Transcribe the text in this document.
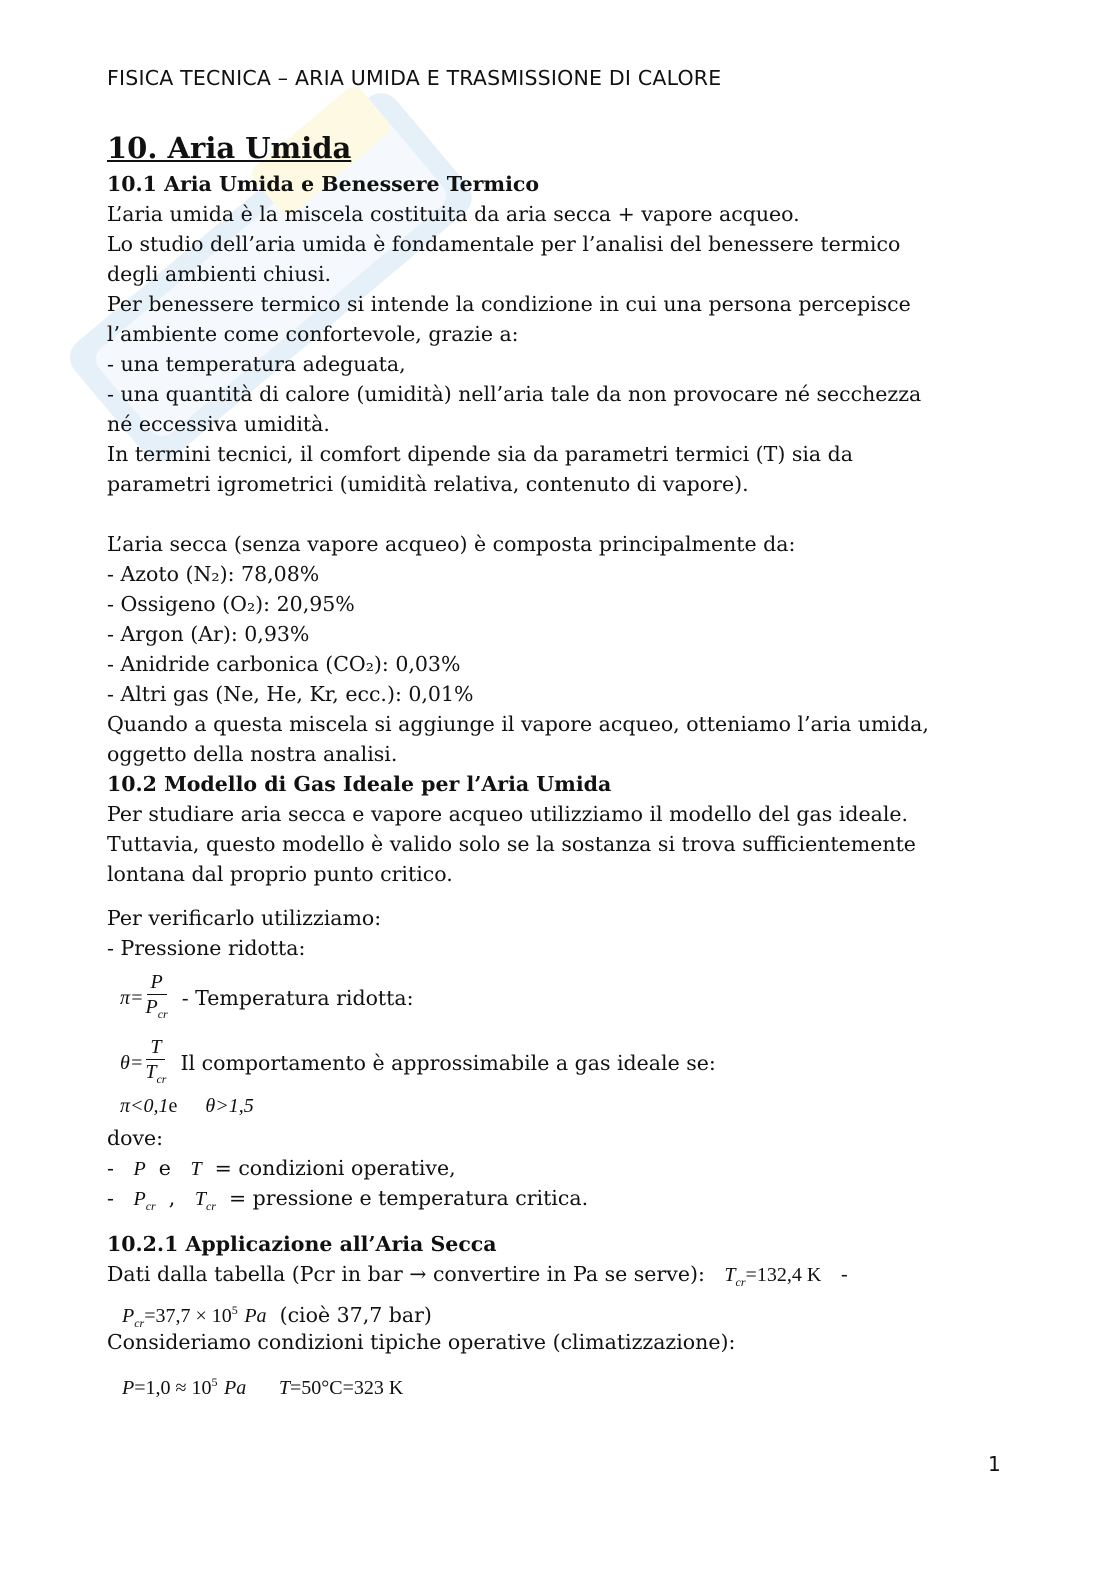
FISICA TECNICA – ARIA UMIDA E TRASMISSIONE DI CALORE
10. Aria Umida
10.1 Aria Umida e Benessere Termico
L’aria umida è la miscela costituita da aria secca + vapore acqueo.
Lo studio dell’aria umida è fondamentale per l’analisi del benessere termico
degli ambienti chiusi.
Per benessere termico si intende la condizione in cui una persona percepisce
l’ambiente come confortevole, grazie a:
- una temperatura adeguata,
- una quantità di calore (umidità) nell’aria tale da non provocare né secchezza
né eccessiva umidità.
In termini tecnici, il comfort dipende sia da parametri termici (T) sia da
parametri igrometrici (umidità relativa, contenuto di vapore).
L’aria secca (senza vapore acqueo) è composta principalmente da:
- Azoto (N₂): 78,08%
- Ossigeno (O₂): 20,95%
- Argon (Ar): 0,93%
- Anidride carbonica (CO₂): 0,03%
- Altri gas (Ne, He, Kr, ecc.): 0,01%
Quando a questa miscela si aggiunge il vapore acqueo, otteniamo l’aria umida,
oggetto della nostra analisi.
10.2 Modello di Gas Ideale per l’Aria Umida
Per studiare aria secca e vapore acqueo utilizziamo il modello del gas ideale.
Tuttavia, questo modello è valido solo se la sostanza si trova sufficientemente
lontana dal proprio punto critico.
Per verificarlo utilizziamo:
- Pressione ridotta:
$\pi= \frac{P}{P_{cr}}$ - Temperatura ridotta:
$\theta= \frac{T}{T_{cr}}$ Il comportamento è approssimabile a gas ideale se:
π<0,1 e θ>1,5
dove:
-   P e T = condizioni operative,
-   $P_{cr}$  ,   $T_{cr}$ = pressione e temperatura critica.
10.2.1 Applicazione all’Aria Secca
Dati dalla tabella (Pcr in bar → convertire in Pa se serve): $T_{cr}=132,4$ K   -
$P_{cr}=37,7 \times 10^5$ Pa (cioè 37,7 bar)
Consideriamo condizioni tipiche operative (climatizzazione):
$P=1,0 \approx 10^5$ Pa T=50°C=323 K
1
